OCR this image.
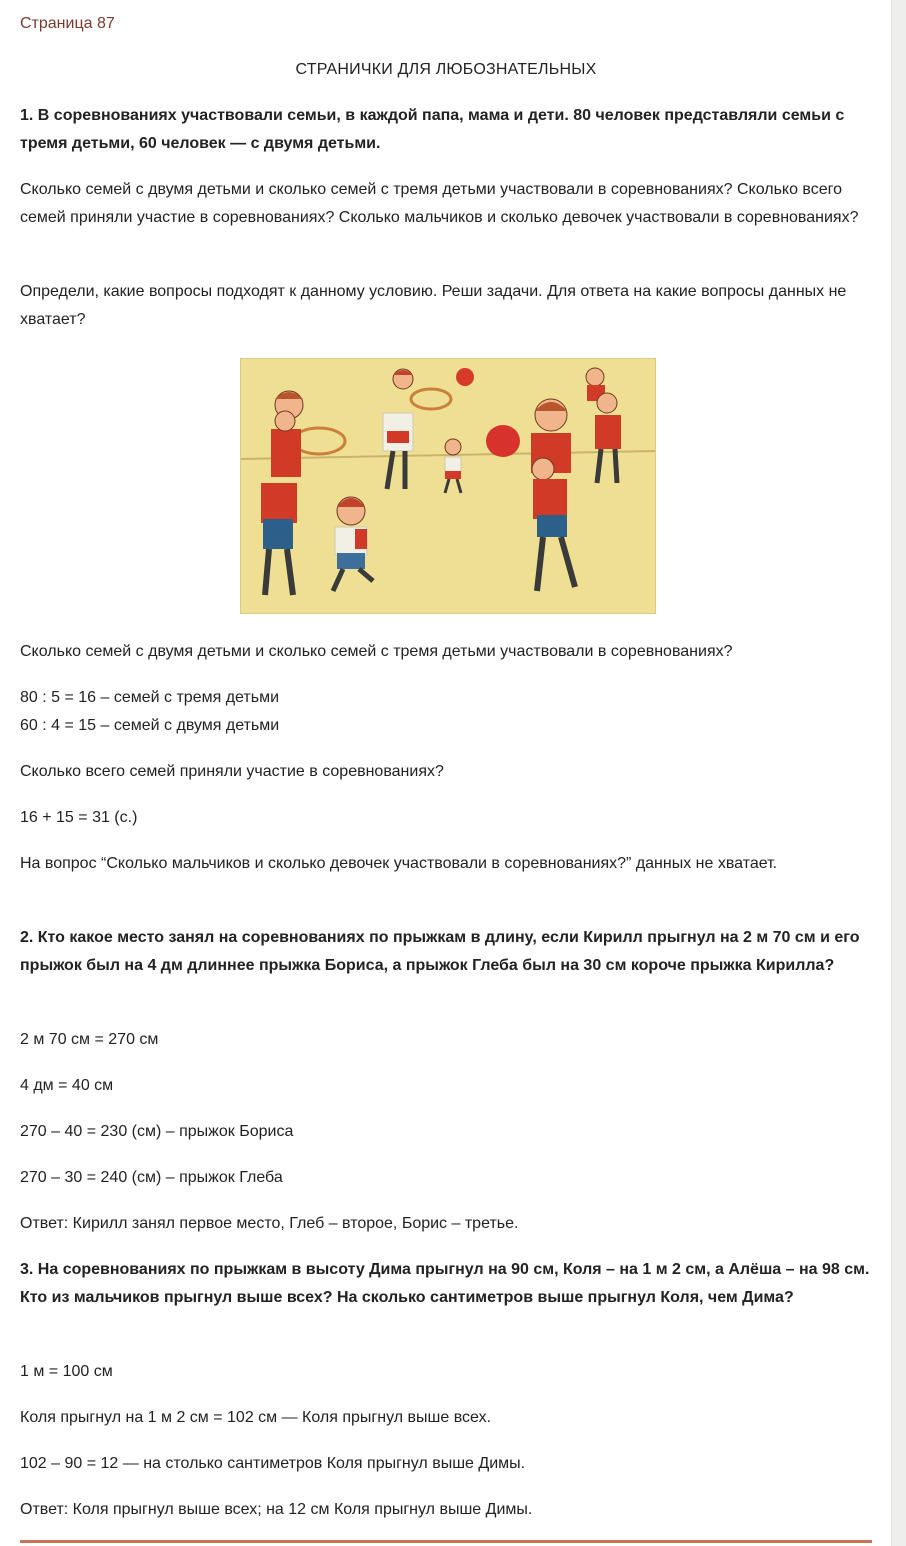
Страница 87
СТРАНИЧКИ ДЛЯ ЛЮБОЗНАТЕЛЬНЫХ

1. В соревнованиях участвовали семьи, в каждой папа, мама и дети. 80 человек представляли семьи с тремя детьми, 60 человек — с двумя детьми.

Сколько семей с двумя детьми и сколько семей с тремя детьми участвовали в соревнованиях? Сколько всего семей приняли участие в соревнованиях? Сколько мальчиков и сколько девочек участвовали в соревнованиях?

Определи, какие вопросы подходят к данному условию. Реши задачи. Для ответа на какие вопросы данных не хватает?

Сколько семей с двумя детьми и сколько семей с тремя детьми участвовали в соревнованиях?

80 : 5 = 16 – семей с тремя детьми

60 : 4 = 15 – семей с двумя детьми

Сколько всего семей приняли участие в соревнованиях?

16 + 15 = 31 (с.)

На вопрос “Сколько мальчиков и сколько девочек участвовали в соревнованиях?” данных не хватает.

2. Кто какое место занял на соревнованиях по прыжкам в длину, если Кирилл прыгнул на 2 м 70 см и его прыжок был на 4 дм длиннее прыжка Бориса, а прыжок Глеба был на 30 см короче прыжка Кирилла?

2 м 70 см = 270 см

4 дм = 40 см

270 – 40 = 230 (см) – прыжок Бориса

270 – 30 = 240 (см) – прыжок Глеба

Ответ: Кирилл занял первое место, Глеб – второе, Борис – третье.

3. На соревнованиях по прыжкам в высоту Дима прыгнул на 90 см, Коля – на 1 м 2 см, а Алёша – на 98 см. Кто из мальчиков прыгнул выше всех? На сколько сантиметров выше прыгнул Коля, чем Дима?

1 м = 100 см

Коля прыгнул на 1 м 2 см = 102 см — Коля прыгнул выше всех.

102 – 90 = 12 — на столько сантиметров Коля прыгнул выше Димы.

Ответ: Коля прыгнул выше всех; на 12 см Коля прыгнул выше Димы.
